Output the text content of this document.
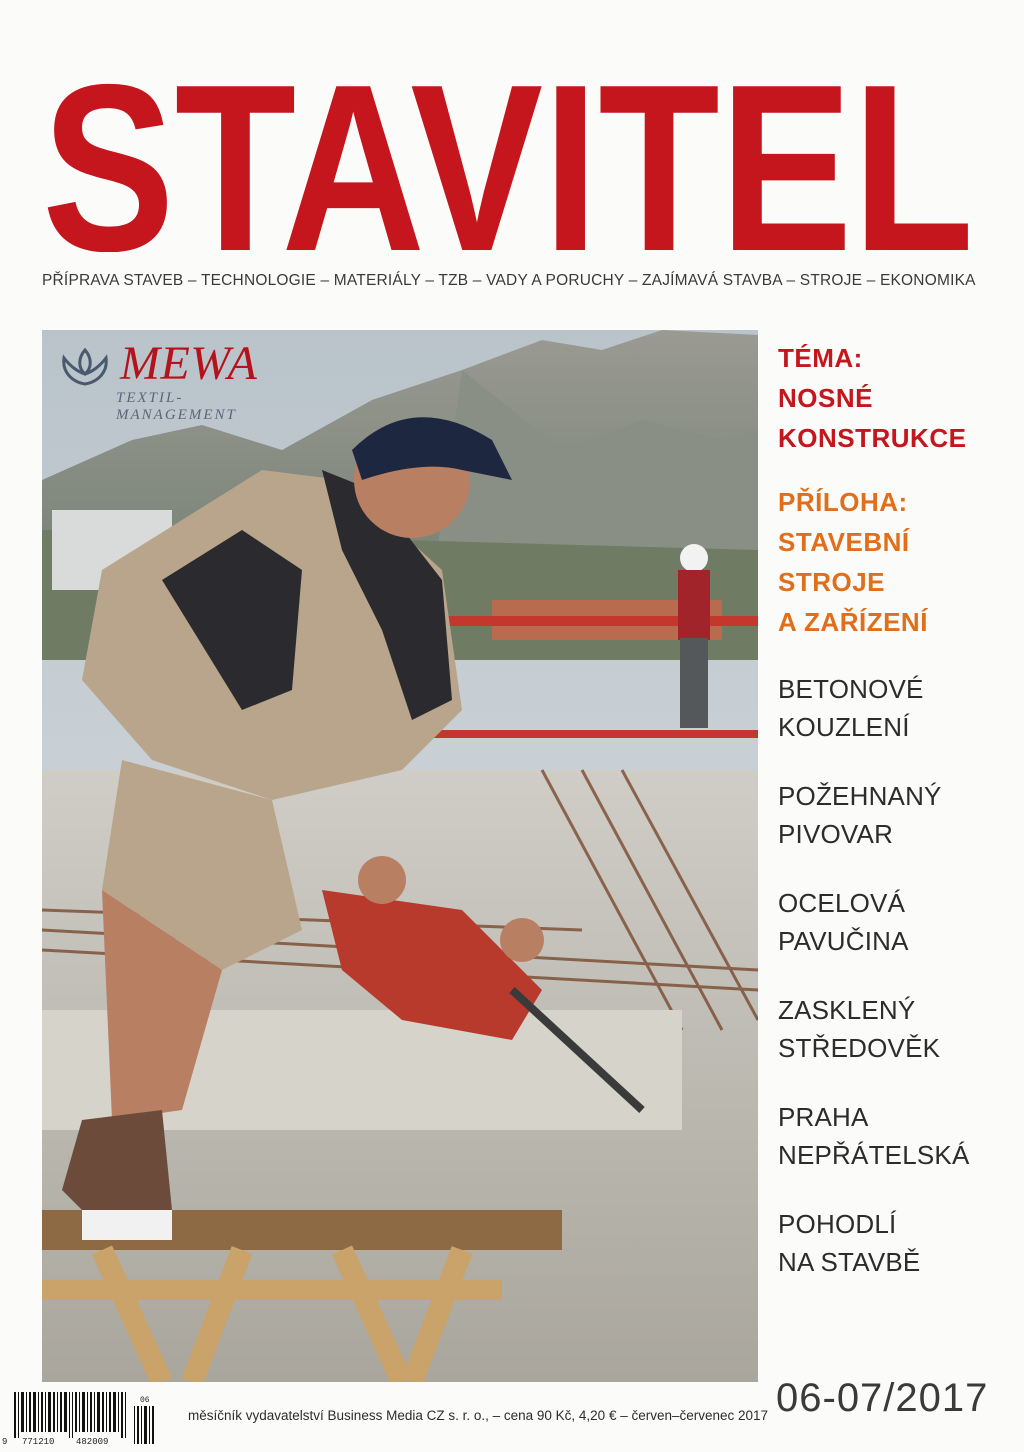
STAVITEL
PŘÍPRAVA STAVEB – TECHNOLOGIE – MATERIÁLY – TZB – VADY A PORUCHY – ZAJÍMAVÁ STAVBA – STROJE – EKONOMIKA
MEWA
TEXTIL-MANAGEMENT
TÉMA:
NOSNÉ
KONSTRUKCE
PŘÍLOHA:
STAVEBNÍ
STROJE
A ZAŘÍZENÍ
BETONOVÉ
KOUZLENÍ
POŽEHNANÝ
PIVOVAR
OCELOVÁ
PAVUČINA
ZASKLENÝ
STŘEDOVĚK
PRAHA
NEPŘÁTELSKÁ
POHODLÍ
NA STAVBĚ
06-07/2017
9 771210 482009
06
měsíčník vydavatelství Business Media CZ s. r. o., – cena 90 Kč, 4,20 € – červen–červenec 2017
